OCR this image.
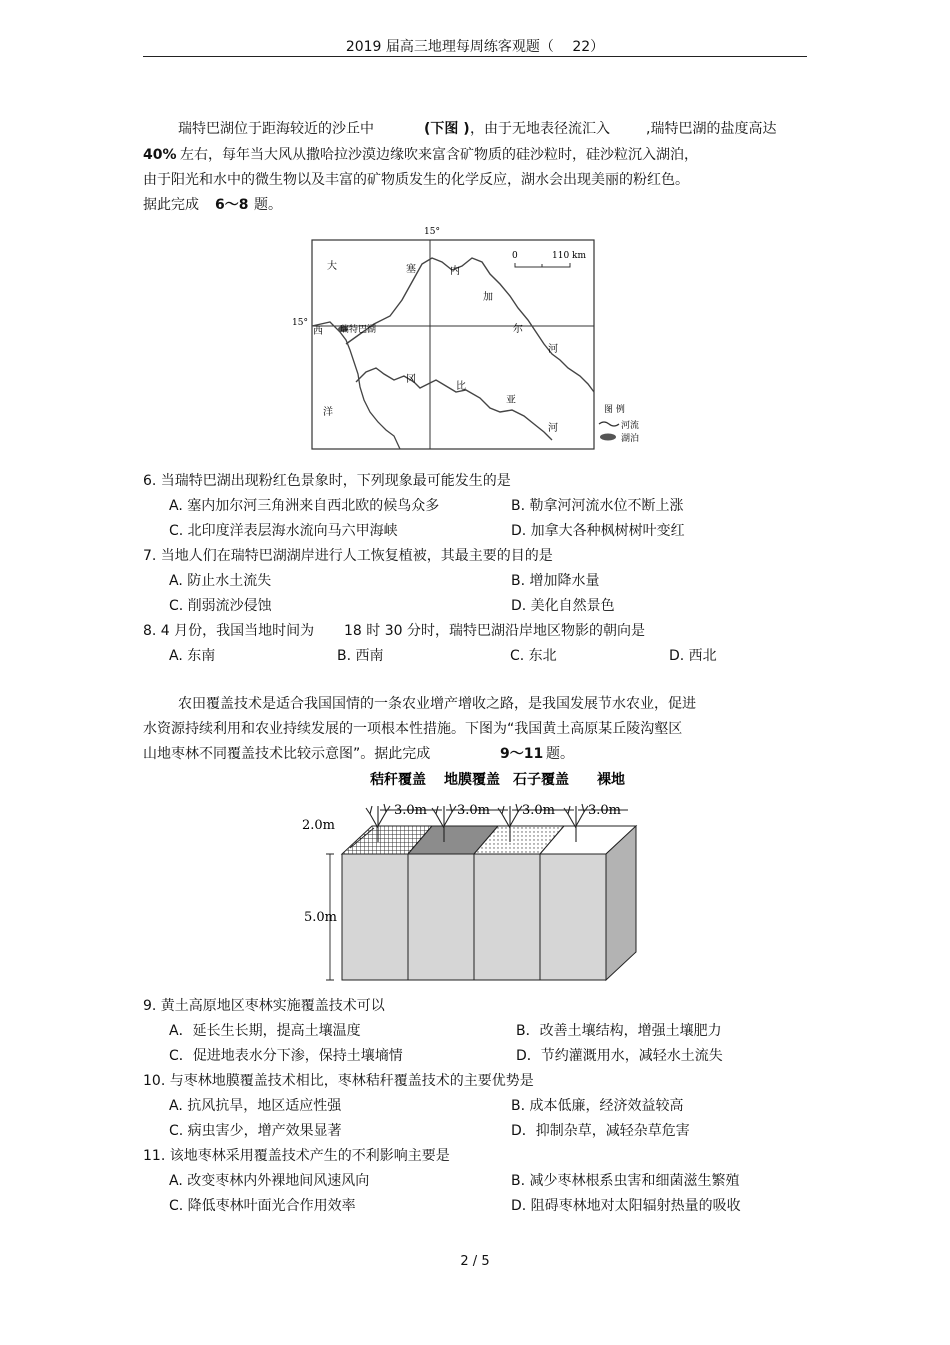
2019 届高三地理每周练客观题（ 　22）
瑞特巴湖位于距海较近的沙丘中	(下图 ) ，由于无地表径流汇入	,瑞特巴湖的盐度高达
40% 左右，每年当大风从撒哈拉沙漠边缘吹来富含矿物质的硅沙粒时，硅沙粒沉入湖泊，
由于阳光和水中的微生物以及丰富的矿物质发生的化学反应，湖水会出现美丽的粉红色。
据此完成 6～8 题。
15°
15°
0	110 km
瑞特巴湖
大
西
洋
塞	内
加
尔
河
冈
比
亚
河
图 例
河流
湖泊
6. 当瑞特巴湖出现粉红色景象时，下列现象最可能发生的是
A. 塞内加尔河三角洲来自西北欧的候鸟众多	B. 勒拿河河流水位不断上涨
C. 北印度洋表层海水流向马六甲海峡	D. 加拿大各种枫树树叶变红
7. 当地人们在瑞特巴湖湖岸进行人工恢复植被，其最主要的目的是
A. 防止水土流失	B. 增加降水量
C. 削弱流沙侵蚀	D. 美化自然景色
8. 4 月份，我国当地时间为 18 时 30 分时，瑞特巴湖沿岸地区物影的朝向是
A. 东南	B. 西南	C. 东北	D. 西北
农田覆盖技术是适合我国国情的一条农业增产增收之路，是我国发展节水农业，促进
水资源持续利用和农业持续发展的一项根本性措施。下图为“我国黄土高原某丘陵沟壑区
山地枣林不同覆盖技术比较示意图”。据此完成	9～11 题。
秸秆覆盖 地膜覆盖 石子覆盖 裸地
3.0m 3.0m 3.0m	3.0m
2.0m
5.0m
9. 黄土高原地区枣林实施覆盖技术可以
A．延长生长期，提高土壤温度	B．改善土壤结构，增强土壤肥力
C．促进地表水分下渗，保持土壤墒情	D．节约灌溉用水，减轻水土流失
10. 与枣林地膜覆盖技术相比，枣林秸秆覆盖技术的主要优势是
A. 抗风抗旱，地区适应性强	B. 成本低廉，经济效益较高
C. 病虫害少，增产效果显著	D．抑制杂草，减轻杂草危害
11. 该地枣林采用覆盖技术产生的不利影响主要是
A. 改变枣林内外裸地间风速风向	B. 减少枣林根系虫害和细菌滋生繁殖
C. 降低枣林叶面光合作用效率	D. 阻碍枣林地对太阳辐射热量的吸收
2 / 5
